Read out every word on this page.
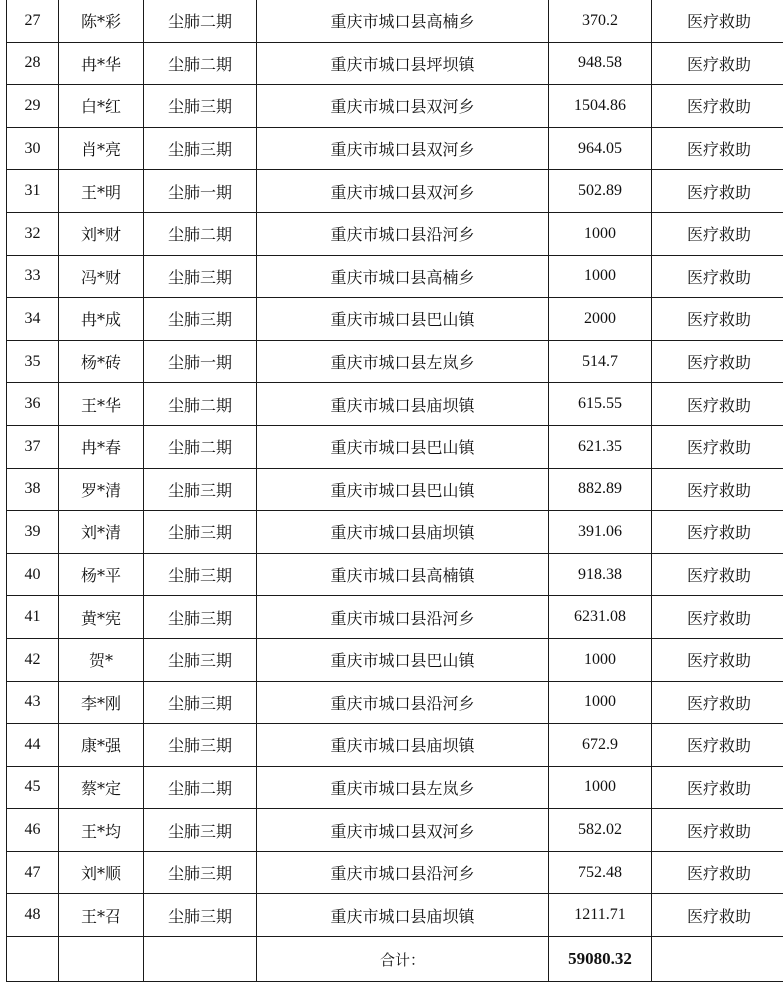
27	陈*彩	尘肺二期	重庆市城口县高楠乡	370.2	医疗救助
28	冉*华	尘肺二期	重庆市城口县坪坝镇	948.58	医疗救助
29	白*红	尘肺三期	重庆市城口县双河乡	1504.86	医疗救助
30	肖*亮	尘肺三期	重庆市城口县双河乡	964.05	医疗救助
31	王*明	尘肺一期	重庆市城口县双河乡	502.89	医疗救助
32	刘*财	尘肺二期	重庆市城口县沿河乡	1000	医疗救助
33	冯*财	尘肺三期	重庆市城口县高楠乡	1000	医疗救助
34	冉*成	尘肺三期	重庆市城口县巴山镇	2000	医疗救助
35	杨*砖	尘肺一期	重庆市城口县左岚乡	514.7	医疗救助
36	王*华	尘肺二期	重庆市城口县庙坝镇	615.55	医疗救助
37	冉*春	尘肺二期	重庆市城口县巴山镇	621.35	医疗救助
38	罗*清	尘肺三期	重庆市城口县巴山镇	882.89	医疗救助
39	刘*清	尘肺三期	重庆市城口县庙坝镇	391.06	医疗救助
40	杨*平	尘肺三期	重庆市城口县高楠镇	918.38	医疗救助
41	黄*宪	尘肺三期	重庆市城口县沿河乡	6231.08	医疗救助
42	贺*	尘肺三期	重庆市城口县巴山镇	1000	医疗救助
43	李*刚	尘肺三期	重庆市城口县沿河乡	1000	医疗救助
44	康*强	尘肺三期	重庆市城口县庙坝镇	672.9	医疗救助
45	蔡*定	尘肺二期	重庆市城口县左岚乡	1000	医疗救助
46	王*均	尘肺三期	重庆市城口县双河乡	582.02	医疗救助
47	刘*顺	尘肺三期	重庆市城口县沿河乡	752.48	医疗救助
48	王*召	尘肺三期	重庆市城口县庙坝镇	1211.71	医疗救助
			合计：	59080.32	
